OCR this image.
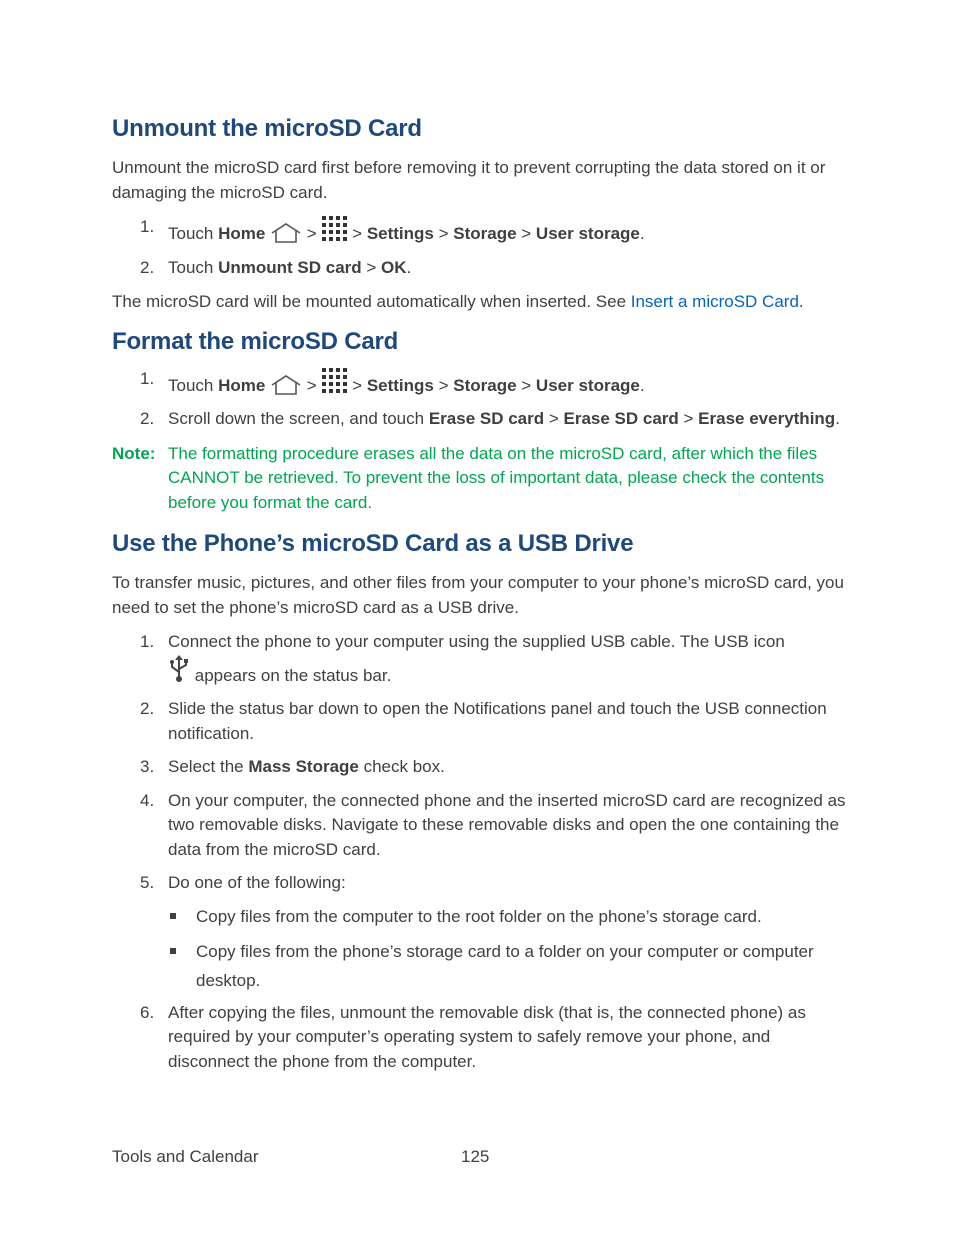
Unmount the microSD Card

Unmount the microSD card first before removing it to prevent corrupting the data stored on it or damaging the microSD card.

1. Touch Home  >  > Settings > Storage > User storage.
2. Touch Unmount SD card > OK.

The microSD card will be mounted automatically when inserted. See Insert a microSD Card.

Format the microSD Card
1. Touch Home  >  > Settings > Storage > User storage.
2. Scroll down the screen, and touch Erase SD card > Erase SD card > Erase everything.
Note: The formatting procedure erases all the data on the microSD card, after which the files CANNOT be retrieved. To prevent the loss of important data, please check the contents before you format the card.
Use the Phone’s microSD Card as a USB Drive

To transfer music, pictures, and other files from your computer to your phone’s microSD card, you need to set the phone’s microSD card as a USB drive.

1. Connect the phone to your computer using the supplied USB cable. The USB icon
appears on the status bar.
2. Slide the status bar down to open the Notifications panel and touch the USB connection notification.
3. Select the Mass Storage check box.
4. On your computer, the connected phone and the inserted microSD card are recognized as two removable disks. Navigate to these removable disks and open the one containing the data from the microSD card.
5. Do one of the following:
Copy files from the computer to the root folder on the phone’s storage card.
Copy files from the phone’s storage card to a folder on your computer or computer desktop.
6. After copying the files, unmount the removable disk (that is, the connected phone) as required by your computer’s operating system to safely remove your phone, and disconnect the phone from the computer.
Tools and Calendar	125
